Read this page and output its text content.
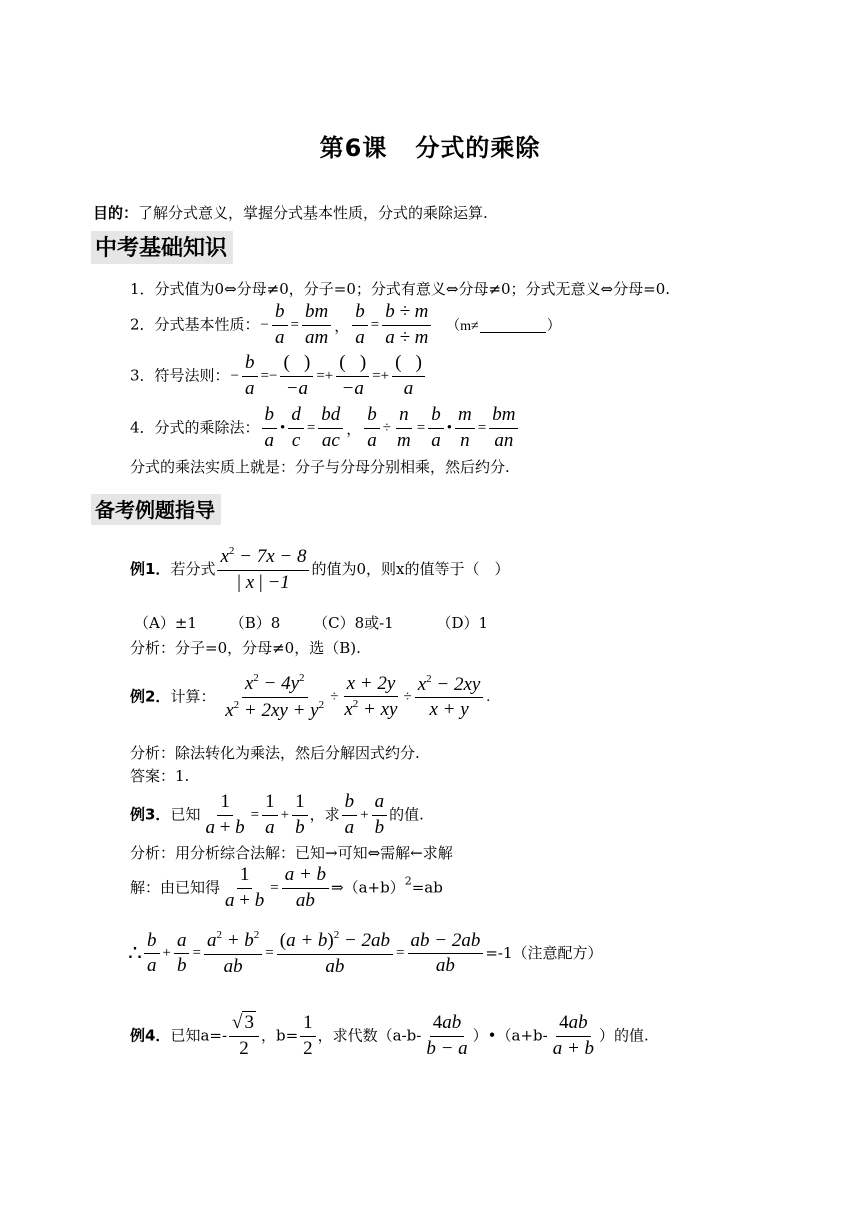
第6课 分式的乘除
目的：了解分式意义，掌握分式基本性质，分式的乘除运算.
中考基础知识
1．分式值为0⇔分母≠0，分子=0；分式有意义⇔分母≠0；分式无意义⇔分母=0.
2．分式基本性质：− $\frac{b}{a} = \frac{bm}{am}$ ， $\frac{b}{a} = \frac{b \div m}{a \div m} (m\ne$	）
3．符号法则：− $\frac{b}{a} =- \frac{( )}{-a} =+ \frac{( )}{-a} =+ \frac{( )}{a}$
4．分式的乘除法： $\frac{b}{a}$ • $\frac{d}{c} = \frac{bd}{ac}$ ， $\frac{b}{a} \div \frac{n}{m} = \frac{b}{a}$ • $\frac{m}{n} = \frac{bm}{an}$
分式的乘法实质上就是：分子与分母分别相乘，然后约分.
备考例题指导
例1．若分式 $\frac{x^2 - 7x - 8}{| x | -1}$ 的值为0，则x的值等于（　）
（A）±1 （B）8 （C）8或-1	（D）1
分析：分子=0，分母≠0，选（B).
例2．计算： $\frac{x^2 - 4y^2}{x^2 + 2xy + y^2} \div \frac{x + 2y}{x^2 + xy} \div \frac{x^2 - 2xy}{x + y}$ .
分析：除法转化为乘法，然后分解因式约分.
答案：1.
例3．已知 $\frac{1}{a + b} = \frac{1}{a} + \frac{1}{b}$ ，求 $\frac{b}{a} + \frac{a}{b}$ 的值.
分析：用分析综合法解：已知→可知⇔需解←求解
解：由已知得 $\frac{1}{a + b} = \frac{a + b}{ab}$ $\Rightarrow(a+b)^2=ab$
∴ $\frac{b}{a} + \frac{a}{b} = \frac{a^2 + b^2}{ab} = \frac{(a + b)^2 - 2ab}{ab} = \frac{ab - 2ab}{ab} =-1$（注意配方）
例4．已知$a=- \frac{√ 3}{2}$ ，$b= \frac{1}{2}$ ，求代数（$a-b- \frac{4ab}{b - a}$ ）•（a+b- $\frac{4ab}{a + b}$ ）的值.
